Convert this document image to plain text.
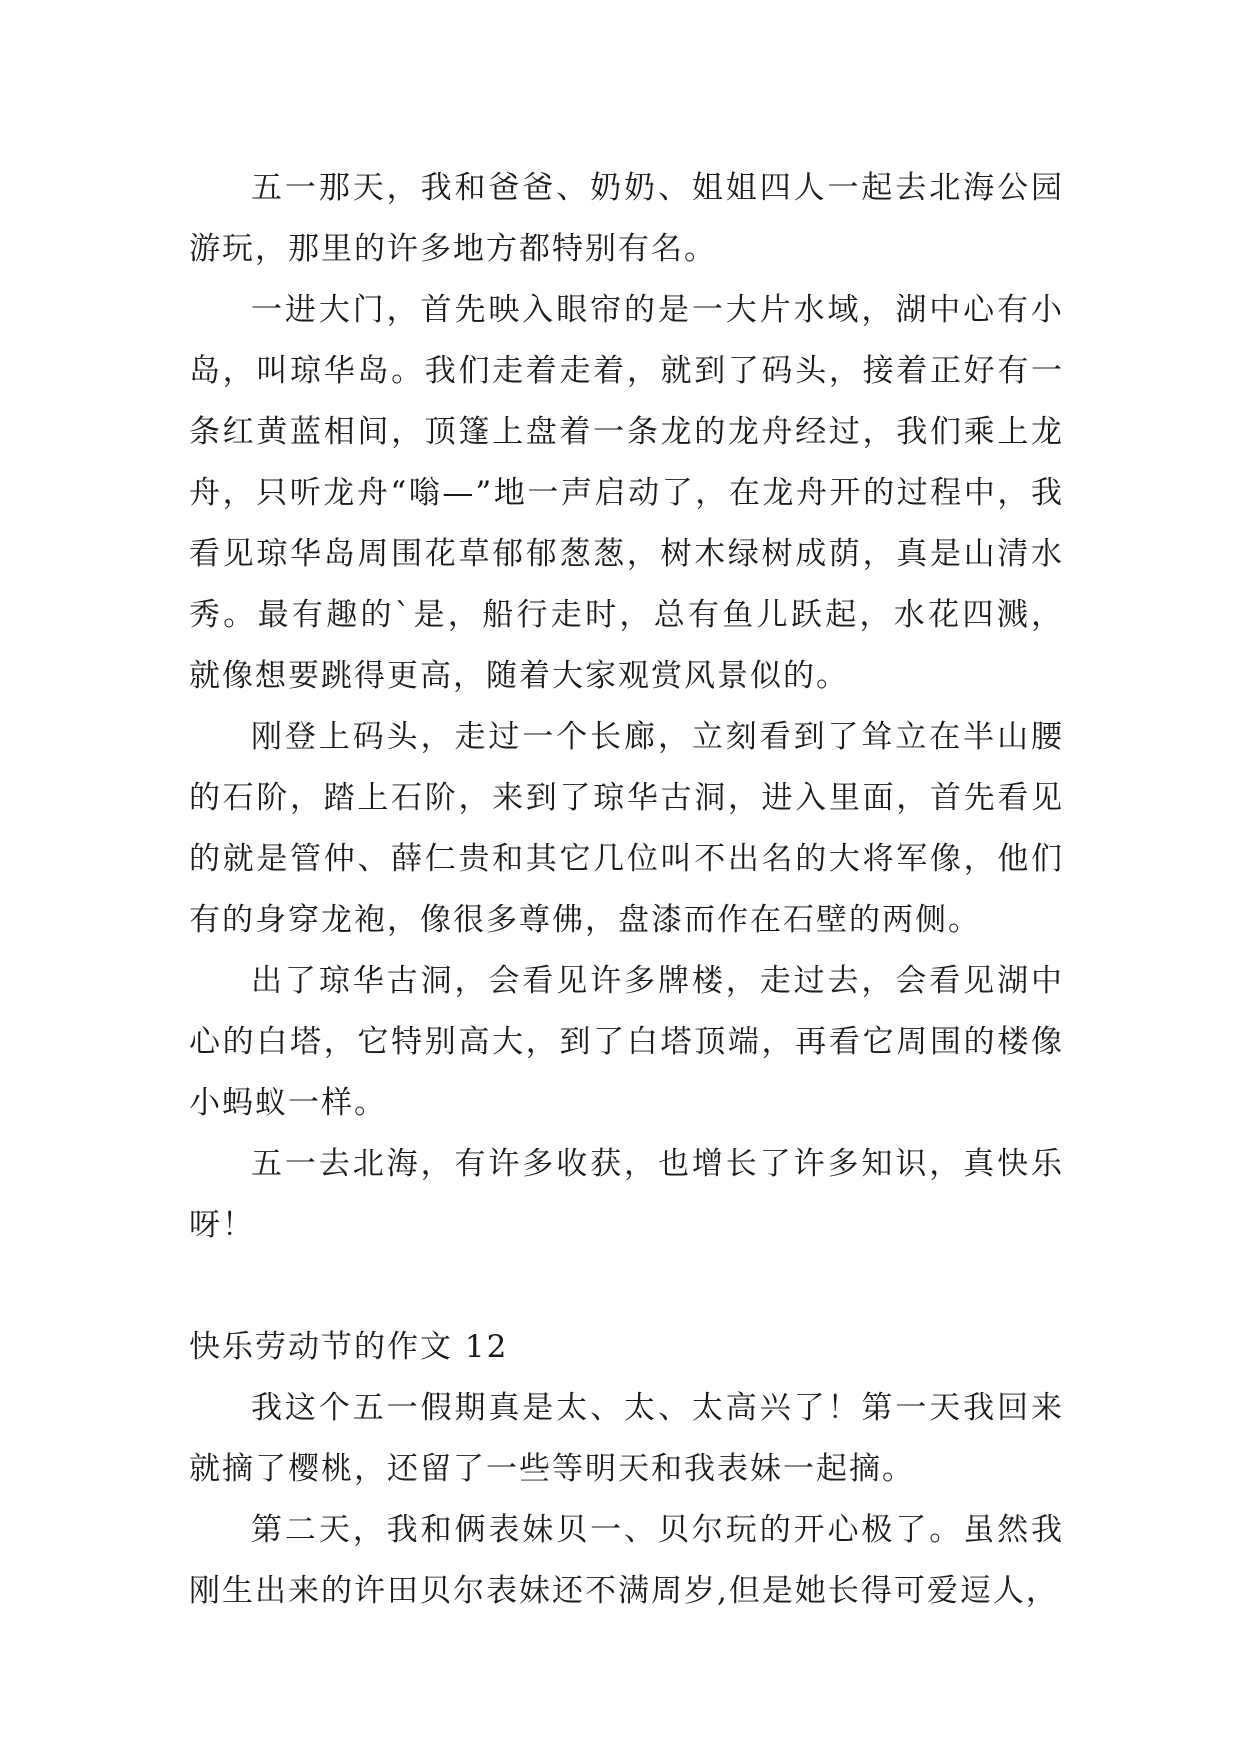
五一那天，我和爸爸、奶奶、姐姐四人一起去北海公园游玩，那里的许多地方都特别有名。

一进大门，首先映入眼帘的是一大片水域，湖中心有小岛，叫琼华岛。我们走着走着，就到了码头，接着正好有一条红黄蓝相间，顶篷上盘着一条龙的龙舟经过，我们乘上龙舟，只听龙舟“嗡—”地一声启动了，在龙舟开的过程中，我看见琼华岛周围花草郁郁葱葱，树木绿树成荫，真是山清水秀。最有趣的`是，船行走时，总有鱼儿跃起，水花四溅，就像想要跳得更高，随着大家观赏风景似的。

刚登上码头，走过一个长廊，立刻看到了耸立在半山腰的石阶，踏上石阶，来到了琼华古洞，进入里面，首先看见的就是管仲、薛仁贵和其它几位叫不出名的大将军像，他们有的身穿龙袍，像很多尊佛，盘漆而作在石壁的两侧。

出了琼华古洞，会看见许多牌楼，走过去，会看见湖中心的白塔，它特别高大，到了白塔顶端，再看它周围的楼像小蚂蚁一样。

五一去北海，有许多收获，也增长了许多知识，真快乐呀！

快乐劳动节的作文 12

我这个五一假期真是太、太、太高兴了！第一天我回来就摘了樱桃，还留了一些等明天和我表妹一起摘。

第二天，我和俩表妹贝一、贝尔玩的开心极了。虽然我刚生出来的许田贝尔表妹还不满周岁,但是她长得可爱逗人，
